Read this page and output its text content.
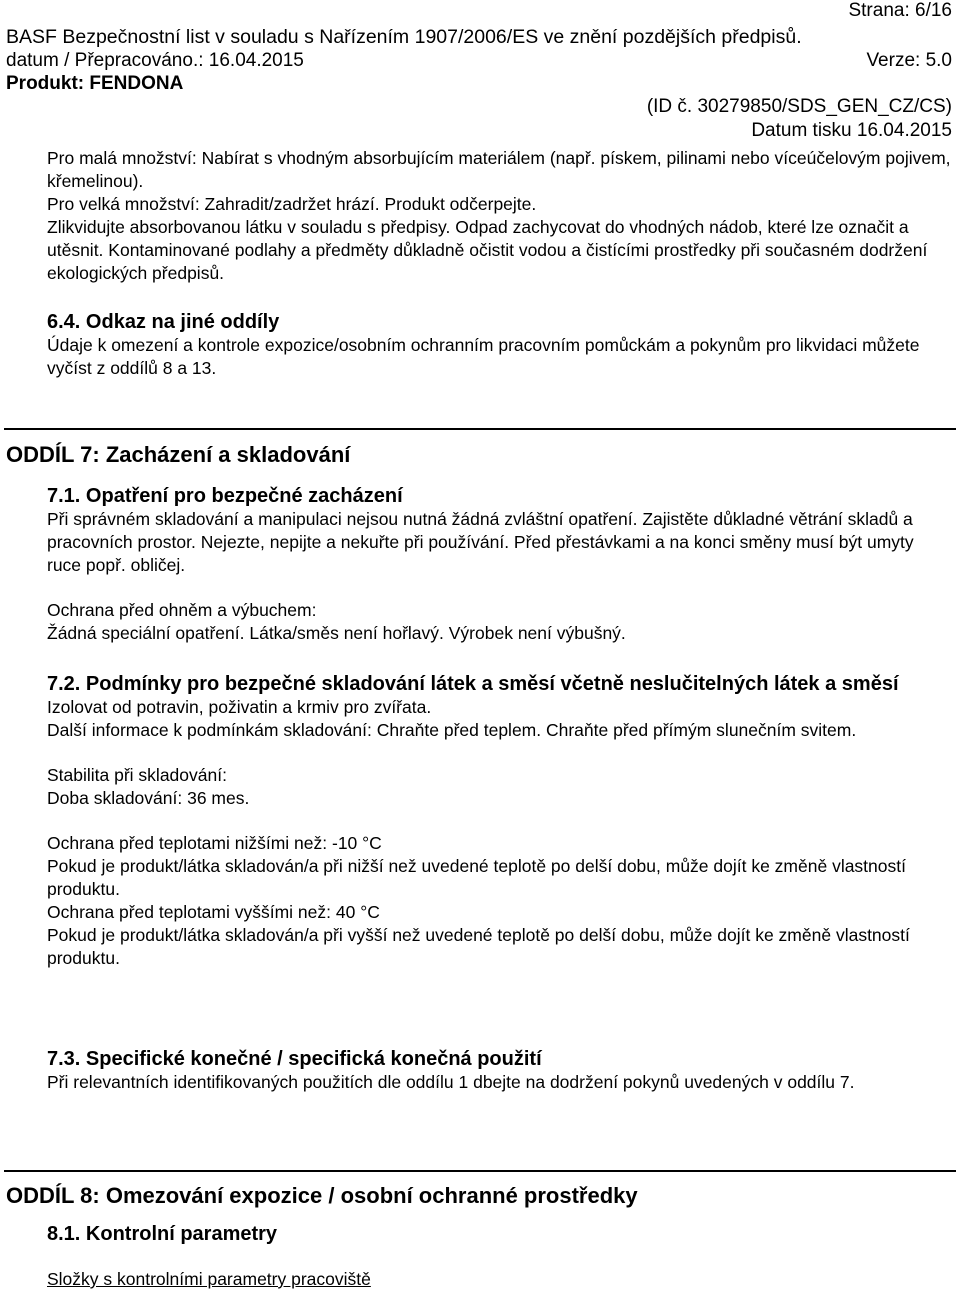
Strana: 6/16
BASF Bezpečnostní list v souladu s Nařízením 1907/2006/ES ve znění pozdějších předpisů.
datum / Přepracováno.: 16.04.2015	Verze: 5.0
Produkt: FENDONA
(ID č. 30279850/SDS_GEN_CZ/CS)
Datum tisku 16.04.2015

Pro malá množství: Nabírat s vhodným absorbujícím materiálem (např. pískem, pilinami nebo víceúčelovým pojivem, křemelinou).

Pro velká množství: Zahradit/zadržet hrází. Produkt odčerpejte.

Zlikvidujte absorbovanou látku v souladu s předpisy. Odpad zachycovat do vhodných nádob, které lze označit a utěsnit. Kontaminované podlahy a předměty důkladně očistit vodou a čistícími prostředky při současném dodržení ekologických předpisů.

6.4. Odkaz na jiné oddíly

Údaje k omezení a kontrole expozice/osobním ochranním pracovním pomůckám a pokynům pro likvidaci můžete vyčíst z oddílů 8 a 13.

ODDÍL 7: Zacházení a skladování

7.1. Opatření pro bezpečné zacházení

Při správném skladování a manipulaci nejsou nutná žádná zvláštní opatření. Zajistěte důkladné větrání skladů a pracovních prostor. Nejezte, nepijte a nekuřte při používání. Před přestávkami a na konci směny musí být umyty ruce popř. obličej.

Ochrana před ohněm a výbuchem:

Žádná speciální opatření. Látka/směs není hořlavý. Výrobek není výbušný.

7.2. Podmínky pro bezpečné skladování látek a směsí včetně neslučitelných látek a směsí

Izolovat od potravin, poživatin a krmiv pro zvířata.

Další informace k podmínkám skladování: Chraňte před teplem. Chraňte před přímým slunečním svitem.

Stabilita při skladování:

Doba skladování: 36 mes.

Ochrana před teplotami nižšími než: -10 °C

Pokud je produkt/látka skladován/a při nižší než uvedené teplotě po delší dobu, může dojít ke změně vlastností produktu.

Ochrana před teplotami vyššími než: 40 °C

Pokud je produkt/látka skladován/a při vyšší než uvedené teplotě po delší dobu, může dojít ke změně vlastností produktu.

7.3. Specifické konečné / specifická konečná použití

Při relevantních identifikovaných použitích dle oddílu 1 dbejte na dodržení pokynů uvedených v oddílu 7.

ODDÍL 8: Omezování expozice / osobní ochranné prostředky

8.1. Kontrolní parametry

Složky s kontrolními parametry pracoviště
